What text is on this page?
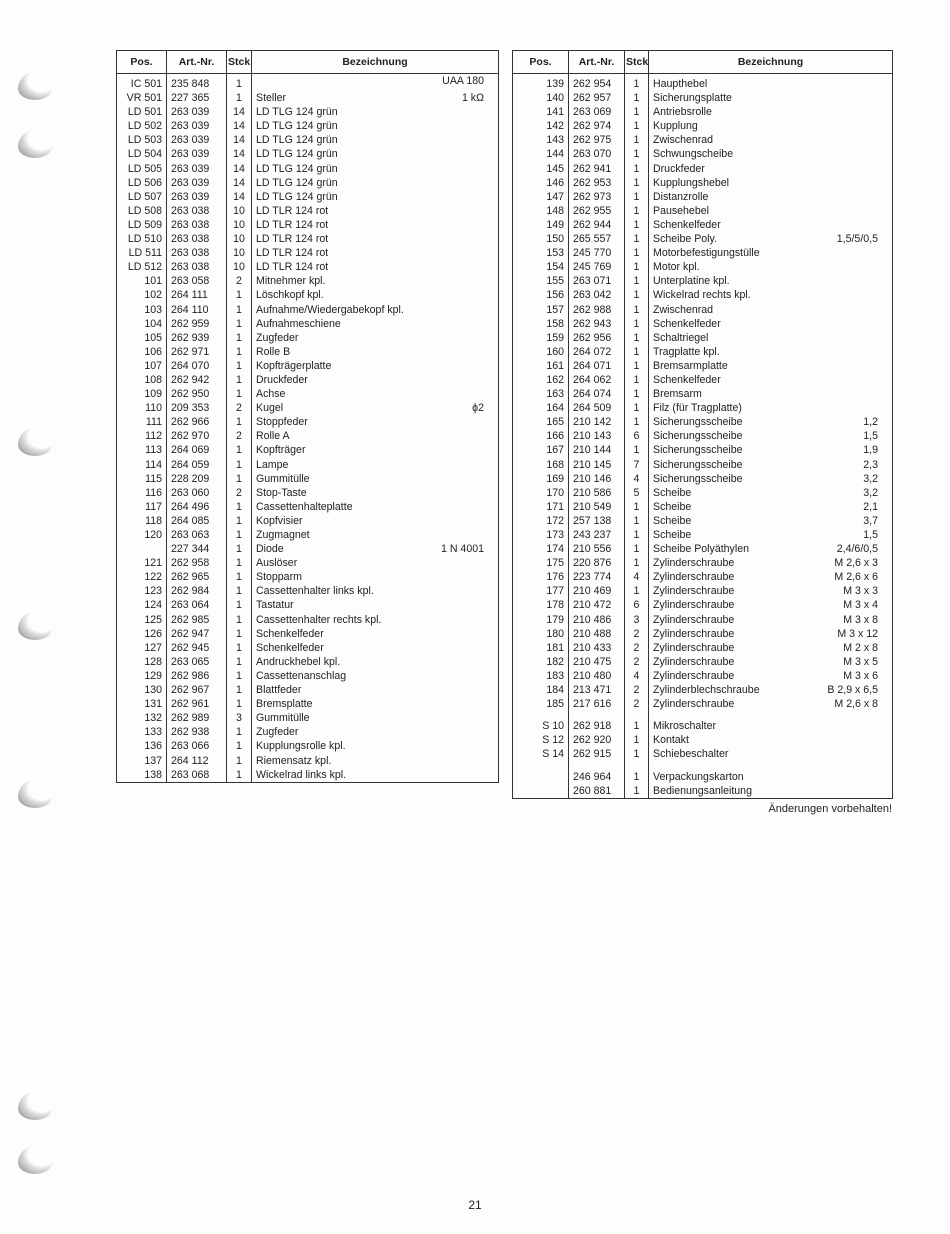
Pos.	Art.-Nr.	Stck	Bezeichnung
IC 501	235 848	1	UAA 180

VR 501	227 365	1	Steller 1 kΩ

LD 501	263 039	14	LD TLG 124 grün

LD 502	263 039	14	LD TLG 124 grün

LD 503	263 039	14	LD TLG 124 grün

LD 504	263 039	14	LD TLG 124 grün

LD 505	263 039	14	LD TLG 124 grün

LD 506	263 039	14	LD TLG 124 grün

LD 507	263 039	14	LD TLG 124 grün

LD 508	263 038	10	LD TLR 124 rot

LD 509	263 038	10	LD TLR 124 rot

LD 510	263 038	10	LD TLR 124 rot

LD 511	263 038	10	LD TLR 124 rot

LD 512	263 038	10	LD TLR 124 rot

101	263 058	2	Mitnehmer kpl.

102	264 111	1	Löschkopf kpl.

103	264 110	1	Aufnahme/Wiedergabekopf kpl.

104	262 959	1	Aufnahmeschiene

105	262 939	1	Zugfeder

106	262 971	1	Rolle B

107	264 070	1	Kopfträgerplatte

108	262 942	1	Druckfeder

109	262 950	1	Achse

110	209 353	2	Kugel ϕ2

111	262 966	1	Stoppfeder

112	262 970	2	Rolle A

113	264 069	1	Kopfträger

114	264 059	1	Lampe

115	228 209	1	Gummitülle

116	263 060	2	Stop-Taste

117	264 496	1	Cassettenhalteplatte

118	264 085	1	Kopfvisier

120	263 063	1	Zugmagnet

	227 344	1	Diode 1 N 4001

121	262 958	1	Auslöser

122	262 965	1	Stopparm

123	262 984	1	Cassettenhalter links kpl.

124	263 064	1	Tastatur

125	262 985	1	Cassettenhalter rechts kpl.

126	262 947	1	Schenkelfeder

127	262 945	1	Schenkelfeder

128	263 065	1	Andruckhebel kpl.

129	262 986	1	Cassettenanschlag

130	262 967	1	Blattfeder

131	262 961	1	Bremsplatte

132	262 989	3	Gummitülle

133	262 938	1	Zugfeder

136	263 066	1	Kupplungsrolle kpl.

137	264 112	1	Riemensatz kpl.

138	263 068	1	Wickelrad links kpl.
Pos.	Art.-Nr.	Stck	Bezeichnung
139	262 954	1	Haupthebel

140	262 957	1	Sicherungsplatte

141	263 069	1	Antriebsrolle

142	262 974	1	Kupplung

143	262 975	1	Zwischenrad

144	263 070	1	Schwungscheibe

145	262 941	1	Druckfeder

146	262 953	1	Kupplungshebel

147	262 973	1	Distanzrolle

148	262 955	1	Pausehebel

149	262 944	1	Schenkelfeder

150	265 557	1	Scheibe Poly. 1,5/5/0,5

153	245 770	1	Motorbefestigungstülle

154	245 769	1	Motor kpl.

155	263 071	1	Unterplatine kpl.

156	263 042	1	Wickelrad rechts kpl.

157	262 988	1	Zwischenrad

158	262 943	1	Schenkelfeder

159	262 956	1	Schaltriegel

160	264 072	1	Tragplatte kpl.

161	264 071	1	Bremsarmplatte

162	264 062	1	Schenkelfeder

163	264 074	1	Bremsarm

164	264 509	1	Filz (für Tragplatte)

165	210 142	1	Sicherungsscheibe 1,2

166	210 143	6	Sicherungsscheibe 1,5

167	210 144	1	Sicherungsscheibe 1,9

168	210 145	7	Sicherungsscheibe 2,3

169	210 146	4	Sicherungsscheibe 3,2

170	210 586	5	Scheibe 3,2

171	210 549	1	Scheibe 2,1

172	257 138	1	Scheibe 3,7

173	243 237	1	Scheibe 1,5

174	210 556	1	Scheibe Polyäthylen 2,4/6/0,5

175	220 876	1	Zylinderschraube M 2,6 x 3

176	223 774	4	Zylinderschraube M 2,6 x 6

177	210 469	1	Zylinderschraube M 3 x 3

178	210 472	6	Zylinderschraube M 3 x 4

179	210 486	3	Zylinderschraube M 3 x 8

180	210 488	2	Zylinderschraube M 3 x 12

181	210 433	2	Zylinderschraube M 2 x 8

182	210 475	2	Zylinderschraube M 3 x 5

183	210 480	4	Zylinderschraube M 3 x 6

184	213 471	2	Zylinderblechschraube B 2,9 x 6,5

185	217 616	2	Zylinderschraube M 2,6 x 8

S 10	262 918	1	Mikroschalter

S 12	262 920	1	Kontakt

S 14	262 915	1	Schiebeschalter

	246 964	1	Verpackungskarton

	260 881	1	Bedienungsanleitung
Änderungen vorbehalten!
21
